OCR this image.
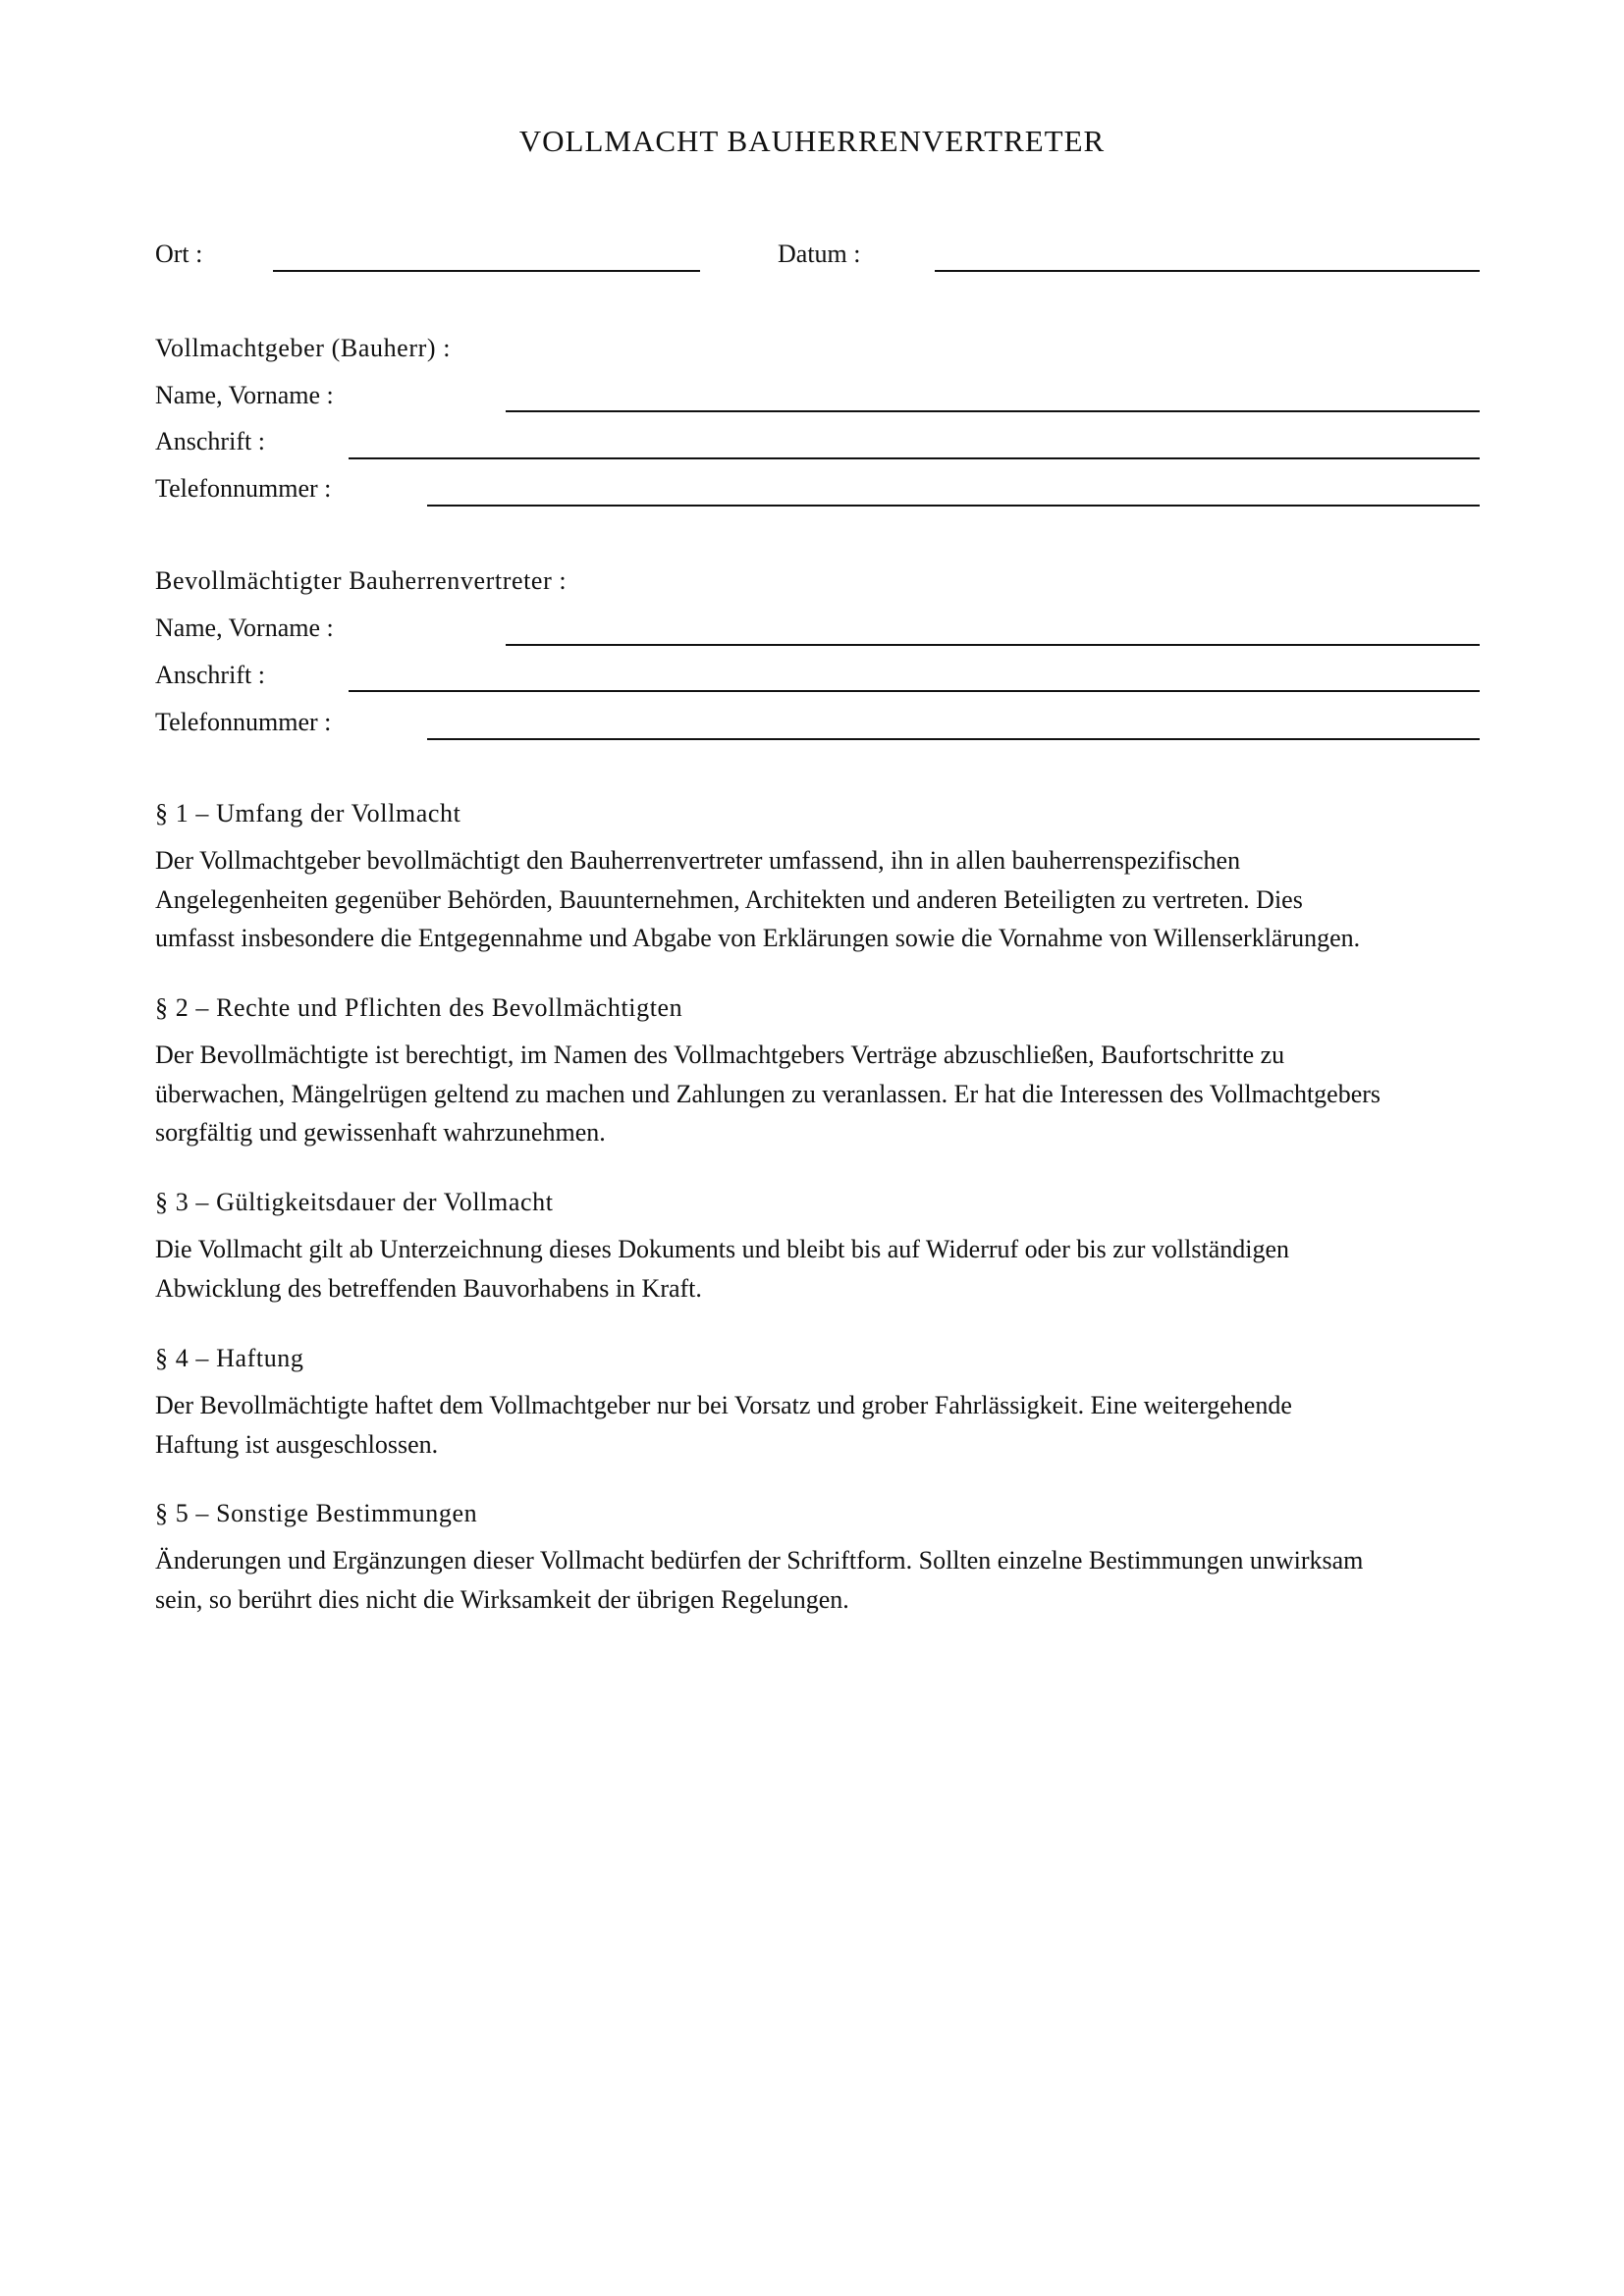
VOLLMACHT BAUHERRENVERTRETER
Ort :	Datum :
Vollmachtgeber (Bauherr) :
Name, Vorname :
Anschrift :
Telefonnummer :
Bevollmächtigter Bauherrenvertreter :
Name, Vorname :
Anschrift :
Telefonnummer :
§ 1 – Umfang der Vollmacht
Der Vollmachtgeber bevollmächtigt den Bauherrenvertreter umfassend, ihn in allen bauherrenspezifischen
Angelegenheiten gegenüber Behörden, Bauunternehmen, Architekten und anderen Beteiligten zu vertreten. Dies
umfasst insbesondere die Entgegennahme und Abgabe von Erklärungen sowie die Vornahme von Willenserklärungen.
§ 2 – Rechte und Pflichten des Bevollmächtigten
Der Bevollmächtigte ist berechtigt, im Namen des Vollmachtgebers Verträge abzuschließen, Baufortschritte zu
überwachen, Mängelrügen geltend zu machen und Zahlungen zu veranlassen. Er hat die Interessen des Vollmachtgebers
sorgfältig und gewissenhaft wahrzunehmen.
§ 3 – Gültigkeitsdauer der Vollmacht
Die Vollmacht gilt ab Unterzeichnung dieses Dokuments und bleibt bis auf Widerruf oder bis zur vollständigen
Abwicklung des betreffenden Bauvorhabens in Kraft.
§ 4 – Haftung
Der Bevollmächtigte haftet dem Vollmachtgeber nur bei Vorsatz und grober Fahrlässigkeit. Eine weitergehende
Haftung ist ausgeschlossen.
§ 5 – Sonstige Bestimmungen
Änderungen und Ergänzungen dieser Vollmacht bedürfen der Schriftform. Sollten einzelne Bestimmungen unwirksam
sein, so berührt dies nicht die Wirksamkeit der übrigen Regelungen.
